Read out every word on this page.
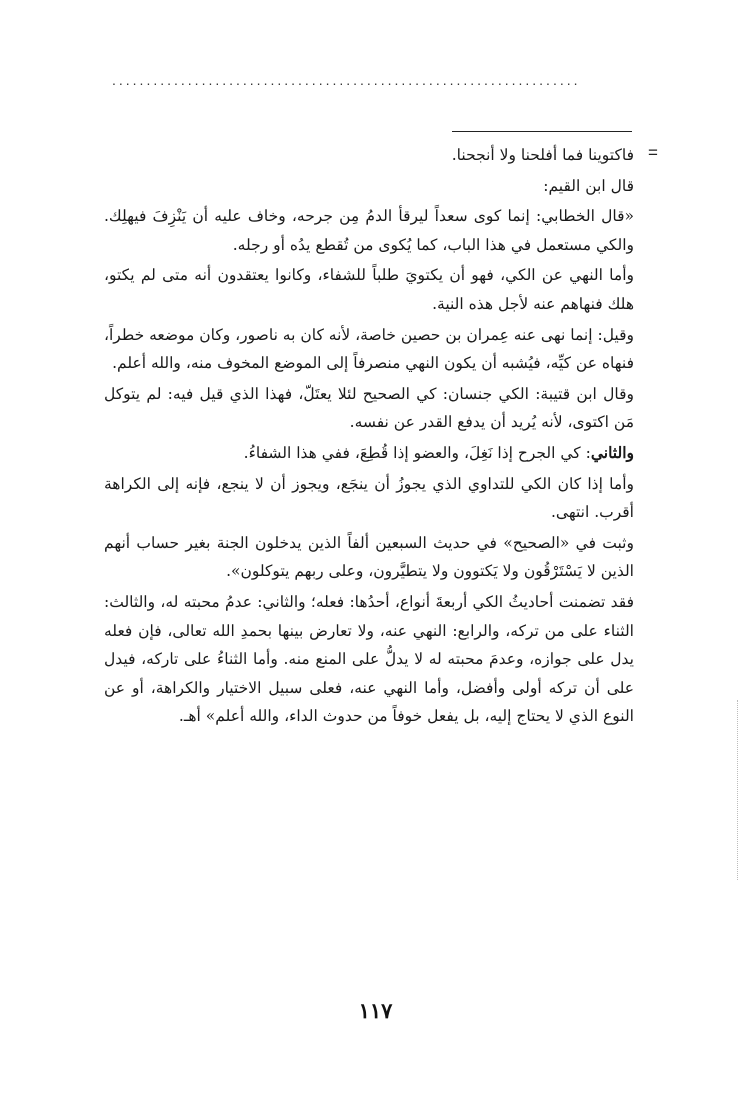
....................................................................
=

فاكتوينا فما أفلحنا ولا أنجحنا.

قال ابن القيم:

«قال الخطابي: إنما كوى سعداً ليرقأ الدمُ مِن جرحه، وخاف عليه أن يَنْزِفَ فيهلِك. والكي مستعمل في هذا الباب، كما يُكوى من تُقطع يدُه أو رجله.

وأما النهي عن الكي، فهو أن يكتويَ طلباً للشفاء، وكانوا يعتقدون أنه متى لم يكتو، هلك فنهاهم عنه لأجل هذه النية.

وقيل: إنما نهى عنه عِمران بن حصين خاصة، لأنه كان به ناصور، وكان موضعه خطراً، فنهاه عن كيِّه، فيُشبه أن يكون النهي منصرفاً إلى الموضع المخوف منه، والله أعلم.

وقال ابن قتيبة: الكي جنسان: كي الصحيح لئلا يعتَلّ، فهذا الذي قيل فيه: لم يتوكل مَن اكتوى، لأنه يُريد أن يدفع القدر عن نفسه.

والثاني: كي الجرح إذا نَغِلَ، والعضو إذا قُطِعَ، ففي هذا الشفاءُ.

وأما إذا كان الكي للتداوي الذي يجوزُ أن ينجَع، ويجوز أن لا ينجع، فإنه إلى الكراهة أقرب. انتهى.

وثبت في «الصحيح» في حديث السبعين ألفاً الذين يدخلون الجنة بغير حساب أنهم الذين لا يَسْتَرْقُون ولا يَكتوون ولا يتطيَّرون، وعلى ربهم يتوكلون».

فقد تضمنت أحاديثُ الكي أربعةَ أنواع، أحدُها: فعله؛ والثاني: عدمُ محبته له، والثالث: الثناء على من تركه، والرابع: النهي عنه، ولا تعارض بينها بحمدِ الله تعالى، فإن فعله يدل على جوازه، وعدمَ محبته له لا يدلُّ على المنع منه. وأما الثناءُ على تاركه، فيدل على أن تركه أولى وأفضل، وأما النهي عنه، فعلى سبيل الاختيار والكراهة، أو عن النوع الذي لا يحتاج إليه، بل يفعل خوفاً من حدوث الداء، والله أعلم» أهـ.

١١٧
